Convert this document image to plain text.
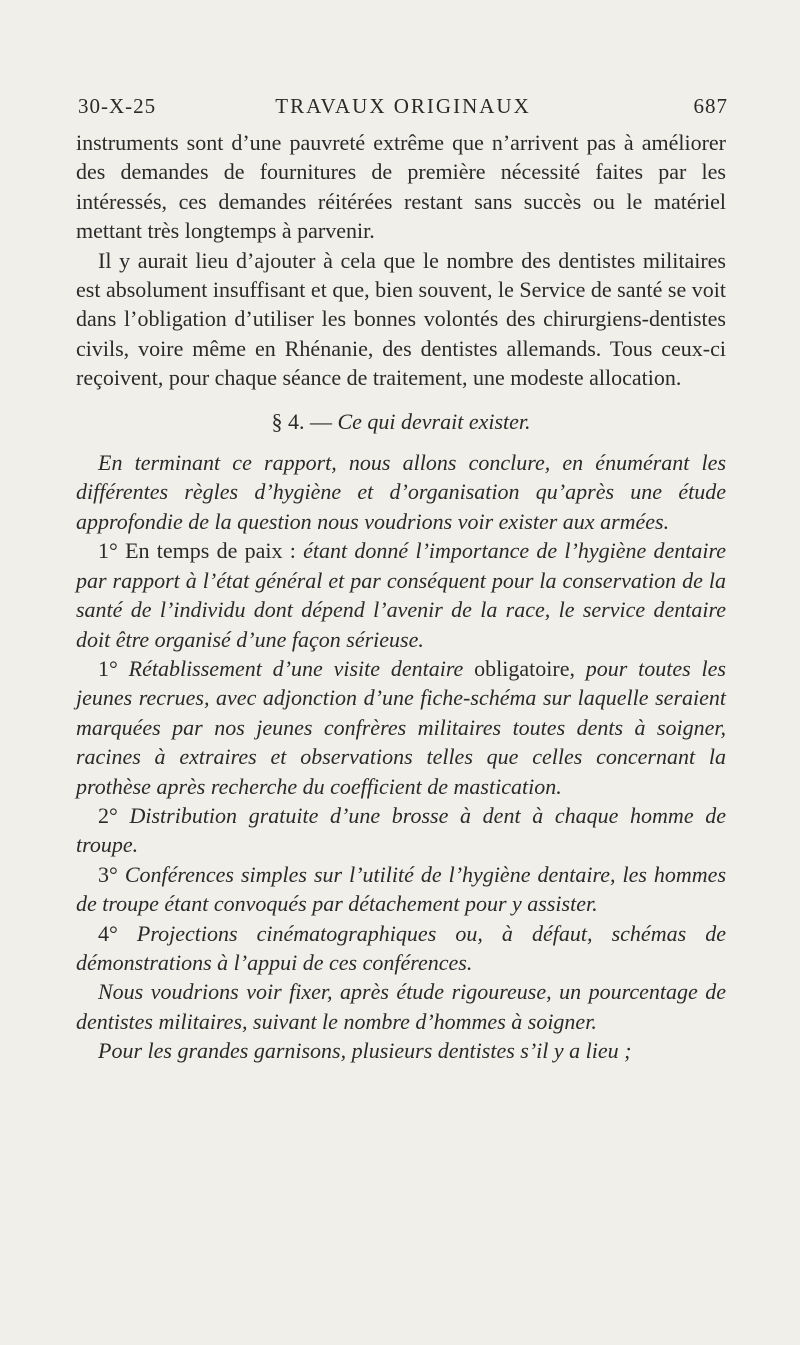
TRAVAUX ORIGINAUX
30-X-25	687

instruments sont d’une pauvreté extrême que n’arrivent pas à améliorer des demandes de fournitures de première nécessité faites par les intéressés, ces demandes réitérées restant sans succès ou le matériel mettant très longtemps à parvenir.

Il y aurait lieu d’ajouter à cela que le nombre des dentistes militaires est absolument insuffisant et que, bien souvent, le Service de santé se voit dans l’obligation d’utiliser les bonnes volontés des chirurgiens-dentistes civils, voire même en Rhénanie, des dentistes allemands. Tous ceux-ci reçoivent, pour chaque séance de traitement, une modeste allocation.

§ 4. — Ce qui devrait exister.

En terminant ce rapport, nous allons conclure, en énumérant les différentes règles d’hygiène et d’organisation qu’après une étude approfondie de la question nous voudrions voir exister aux armées.

1° En temps de paix : étant donné l’importance de l’hygiène dentaire par rapport à l’état général et par conséquent pour la conservation de la santé de l’individu dont dépend l’avenir de la race, le service dentaire doit être organisé d’une façon sérieuse.

1° Rétablissement d’une visite dentaire obligatoire, pour toutes les jeunes recrues, avec adjonction d’une fiche-schéma sur laquelle seraient marquées par nos jeunes confrères militaires toutes dents à soigner, racines à extraires et observations telles que celles concernant la prothèse après recherche du coefficient de mastication.

2° Distribution gratuite d’une brosse à dent à chaque homme de troupe.

3° Conférences simples sur l’utilité de l’hygiène dentaire, les hommes de troupe étant convoqués par détachement pour y assister.

4° Projections cinématographiques ou, à défaut, schémas de démonstrations à l’appui de ces conférences.

Nous voudrions voir fixer, après étude rigoureuse, un pourcentage de dentistes militaires, suivant le nombre d’hommes à soigner.

Pour les grandes garnisons, plusieurs dentistes s’il y a lieu ;
